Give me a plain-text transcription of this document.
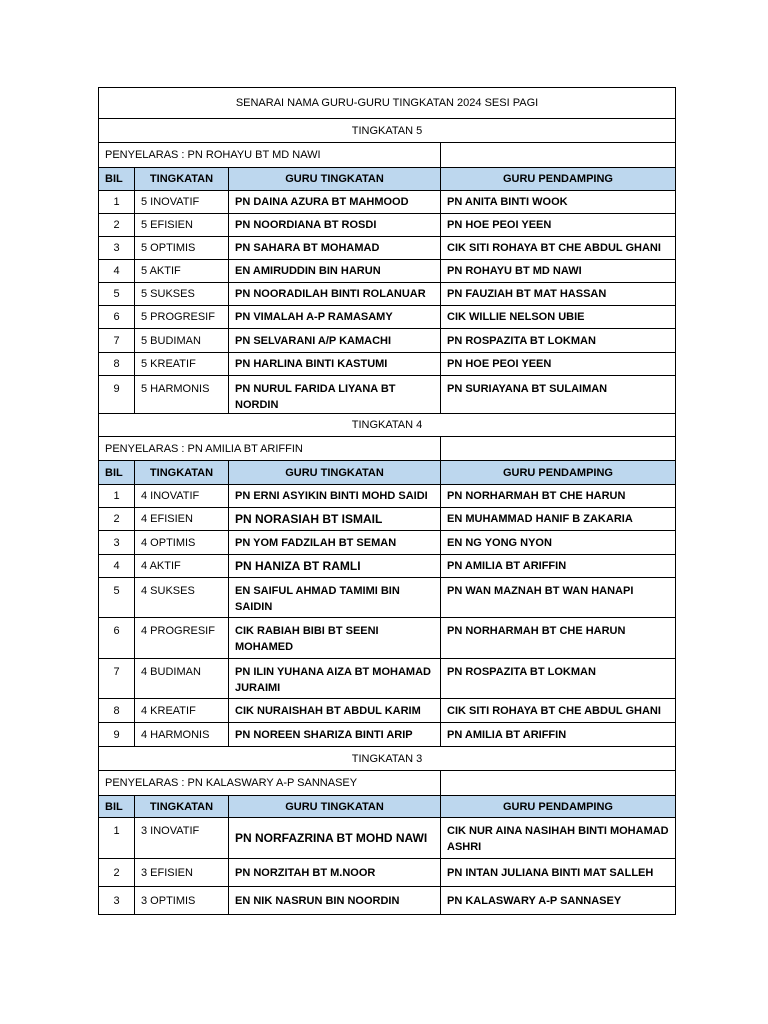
SENARAI NAMA GURU-GURU TINGKATAN 2024 SESI PAGI			
TINGKATAN 5			
PENYELARAS : PN ROHAYU BT MD NAWI			
BIL	TINGKATAN	GURU TINGKATAN	GURU PENDAMPING
1	5 INOVATIF	PN DAINA AZURA BT MAHMOOD	PN ANITA BINTI WOOK
2	5 EFISIEN	PN NOORDIANA BT ROSDI	PN HOE PEOI YEEN
3	5 OPTIMIS	PN SAHARA BT MOHAMAD	CIK SITI ROHAYA BT CHE ABDUL GHANI
4	5 AKTIF	EN AMIRUDDIN BIN HARUN	PN ROHAYU BT MD NAWI
5	5 SUKSES	PN NOORADILAH BINTI ROLANUAR	PN FAUZIAH BT MAT HASSAN
6	5 PROGRESIF	PN VIMALAH A-P RAMASAMY	CIK WILLIE NELSON UBIE
7	5 BUDIMAN	PN SELVARANI A/P KAMACHI	PN ROSPAZITA BT LOKMAN
8	5 KREATIF	PN HARLINA BINTI KASTUMI	PN HOE PEOI YEEN
9	5 HARMONIS	PN NURUL FARIDA LIYANA BT NORDIN	PN SURIAYANA BT SULAIMAN
TINGKATAN 4			
PENYELARAS : PN AMILIA BT ARIFFIN			
BIL	TINGKATAN	GURU TINGKATAN	GURU PENDAMPING
1	4 INOVATIF	PN ERNI ASYIKIN BINTI MOHD SAIDI	PN NORHARMAH BT CHE HARUN
2	4 EFISIEN	PN NORASIAH BT ISMAIL	EN MUHAMMAD HANIF B ZAKARIA
3	4 OPTIMIS	PN YOM FADZILAH BT SEMAN	EN NG YONG NYON
4	4 AKTIF	PN HANIZA BT RAMLI	PN AMILIA BT ARIFFIN
5	4 SUKSES	EN SAIFUL AHMAD TAMIMI BIN SAIDIN	PN WAN MAZNAH BT WAN HANAPI
6	4 PROGRESIF	CIK RABIAH BIBI BT SEENI MOHAMED	PN NORHARMAH BT CHE HARUN
7	4 BUDIMAN	PN ILIN YUHANA AIZA BT MOHAMAD JURAIMI	PN ROSPAZITA BT LOKMAN
8	4 KREATIF	CIK NURAISHAH BT ABDUL KARIM	CIK SITI ROHAYA BT CHE ABDUL GHANI
9	4 HARMONIS	PN NOREEN SHARIZA BINTI ARIP	PN AMILIA BT ARIFFIN
TINGKATAN 3			
PENYELARAS : PN KALASWARY A-P SANNASEY			
BIL	TINGKATAN	GURU TINGKATAN	GURU PENDAMPING
1	3 INOVATIF	PN NORFAZRINA BT MOHD NAWI	CIK NUR AINA NASIHAH BINTI MOHAMAD ASHRI
2	3 EFISIEN	PN NORZITAH BT M.NOOR	PN INTAN JULIANA BINTI MAT SALLEH
3	3 OPTIMIS	EN NIK NASRUN BIN NOORDIN	PN KALASWARY A-P SANNASEY
